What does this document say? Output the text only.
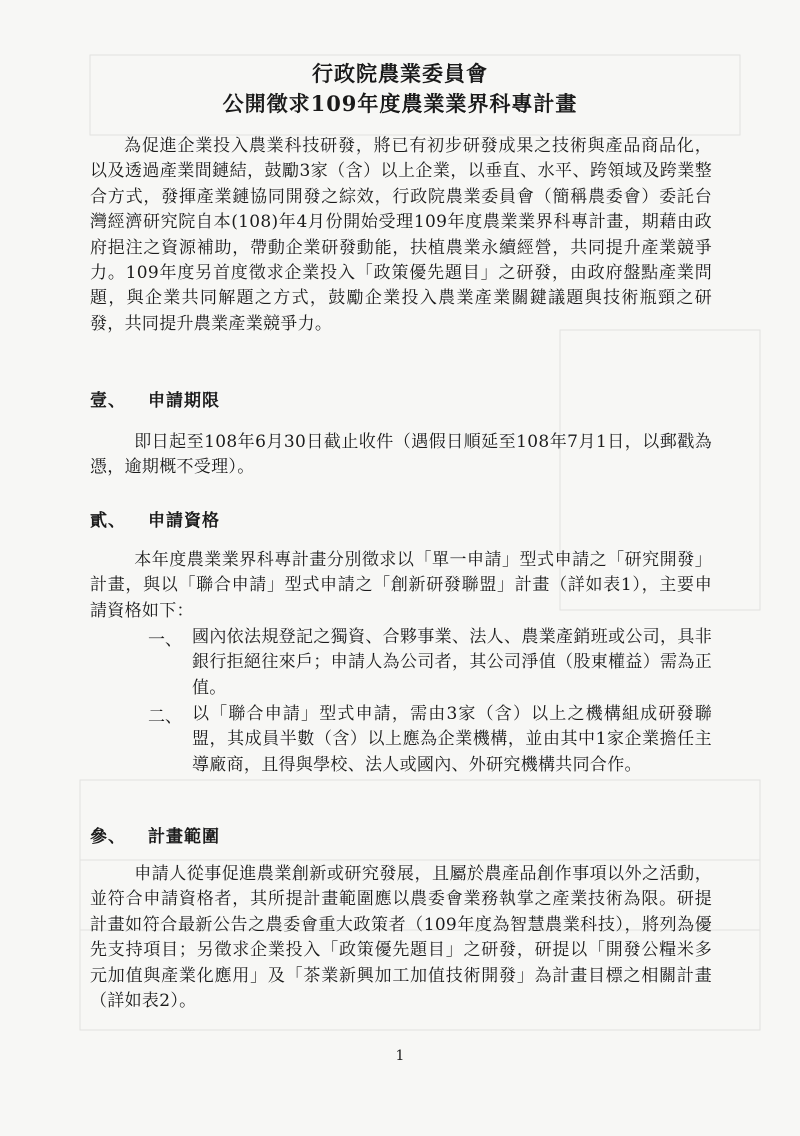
行政院農業委員會
公開徵求109年度農業業界科專計畫
為促進企業投入農業科技研發，將已有初步研發成果之技術與產品商品化，以及透過產業間鏈結，鼓勵3家（含）以上企業，以垂直、水平、跨領域及跨業整合方式，發揮產業鏈協同開發之綜效，行政院農業委員會（簡稱農委會）委託台灣經濟研究院自本(108)年4月份開始受理109年度農業業界科專計畫，期藉由政府挹注之資源補助，帶動企業研發動能，扶植農業永續經營，共同提升產業競爭力。109年度另首度徵求企業投入「政策優先題目」之研發，由政府盤點產業問題，與企業共同解題之方式，鼓勵企業投入農業產業關鍵議題與技術瓶頸之研發，共同提升農業產業競爭力。
壹、 申請期限
即日起至108年6月30日截止收件（遇假日順延至108年7月1日，以郵戳為憑，逾期概不受理）。
貳、 申請資格
本年度農業業界科專計畫分別徵求以「單一申請」型式申請之「研究開發」計畫，與以「聯合申請」型式申請之「創新研發聯盟」計畫（詳如表1），主要申請資格如下：
一、 國內依法規登記之獨資、合夥事業、法人、農業產銷班或公司，具非銀行拒絕往來戶；申請人為公司者，其公司淨值（股東權益）需為正值。
二、 以「聯合申請」型式申請，需由3家（含）以上之機構組成研發聯盟，其成員半數（含）以上應為企業機構，並由其中1家企業擔任主導廠商，且得與學校、法人或國內、外研究機構共同合作。
參、 計畫範圍
申請人從事促進農業創新或研究發展，且屬於農產品創作事項以外之活動，並符合申請資格者，其所提計畫範圍應以農委會業務執掌之產業技術為限。研提計畫如符合最新公告之農委會重大政策者（109年度為智慧農業科技），將列為優先支持項目；另徵求企業投入「政策優先題目」之研發，研提以「開發公糧米多元加值與產業化應用」及「茶業新興加工加值技術開發」為計畫目標之相關計畫（詳如表2）。
1
